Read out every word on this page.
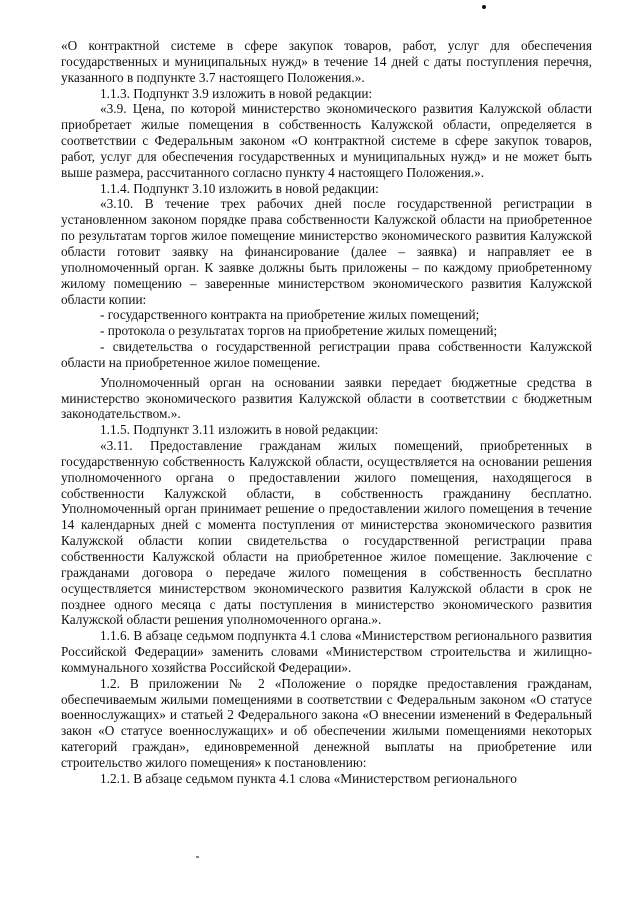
«О контрактной системе в сфере закупок товаров, работ, услуг для обеспечения государственных и муниципальных нужд» в течение 14 дней с даты поступления перечня, указанного в подпункте 3.7 настоящего Положения.».

1.1.3. Подпункт 3.9 изложить в новой редакции:

«3.9. Цена, по которой министерство экономического развития Калужской области приобретает жилые помещения в собственность Калужской области, определяется в соответствии с Федеральным законом «О контрактной системе в сфере закупок товаров, работ, услуг для обеспечения государственных и муниципальных нужд» и не может быть выше размера, рассчитанного согласно пункту 4 настоящего Положения.».

1.1.4. Подпункт 3.10 изложить в новой редакции:

«3.10. В течение трех рабочих дней после государственной регистрации в установленном законом порядке права собственности Калужской области на приобретенное по результатам торгов жилое помещение министерство экономического развития Калужской области готовит заявку на финансирование (далее – заявка) и направляет ее в уполномоченный орган. К заявке должны быть приложены – по каждому приобретенному жилому помещению – заверенные министерством экономического развития Калужской области копии:

- государственного контракта на приобретение жилых помещений;

- протокола о результатах торгов на приобретение жилых помещений;

- свидетельства о государственной регистрации права собственности Калужской области на приобретенное жилое помещение.

Уполномоченный орган на основании заявки передает бюджетные средства в министерство экономического развития Калужской области в соответствии с бюджетным законодательством.».

1.1.5. Подпункт 3.11 изложить в новой редакции:

«3.11. Предоставление гражданам жилых помещений, приобретенных в государственную собственность Калужской области, осуществляется на основании решения уполномоченного органа о предоставлении жилого помещения, находящегося в собственности Калужской области, в собственность гражданину бесплатно. Уполномоченный орган принимает решение о предоставлении жилого помещения в течение 14 календарных дней с момента поступления от министерства экономического развития Калужской области копии свидетельства о государственной регистрации права собственности Калужской области на приобретенное жилое помещение. Заключение с гражданами договора о передаче жилого помещения в собственность бесплатно осуществляется министерством экономического развития Калужской области в срок не позднее одного месяца с даты поступления в министерство экономического развития Калужской области решения уполномоченного органа.».

1.1.6. В абзаце седьмом подпункта 4.1 слова «Министерством регионального развития Российской Федерации» заменить словами «Министерством строительства и жилищно-коммунального хозяйства Российской Федерации».

1.2. В приложении № 2 «Положение о порядке предоставления гражданам, обеспечиваемым жилыми помещениями в соответствии с Федеральным законом «О статусе военнослужащих» и статьей 2 Федерального закона «О внесении изменений в Федеральный закон «О статусе военнослужащих» и об обеспечении жилыми помещениями некоторых категорий граждан», единовременной денежной выплаты на приобретение или строительство жилого помещения» к постановлению:

1.2.1. В абзаце седьмом пункта 4.1 слова «Министерством регионального
